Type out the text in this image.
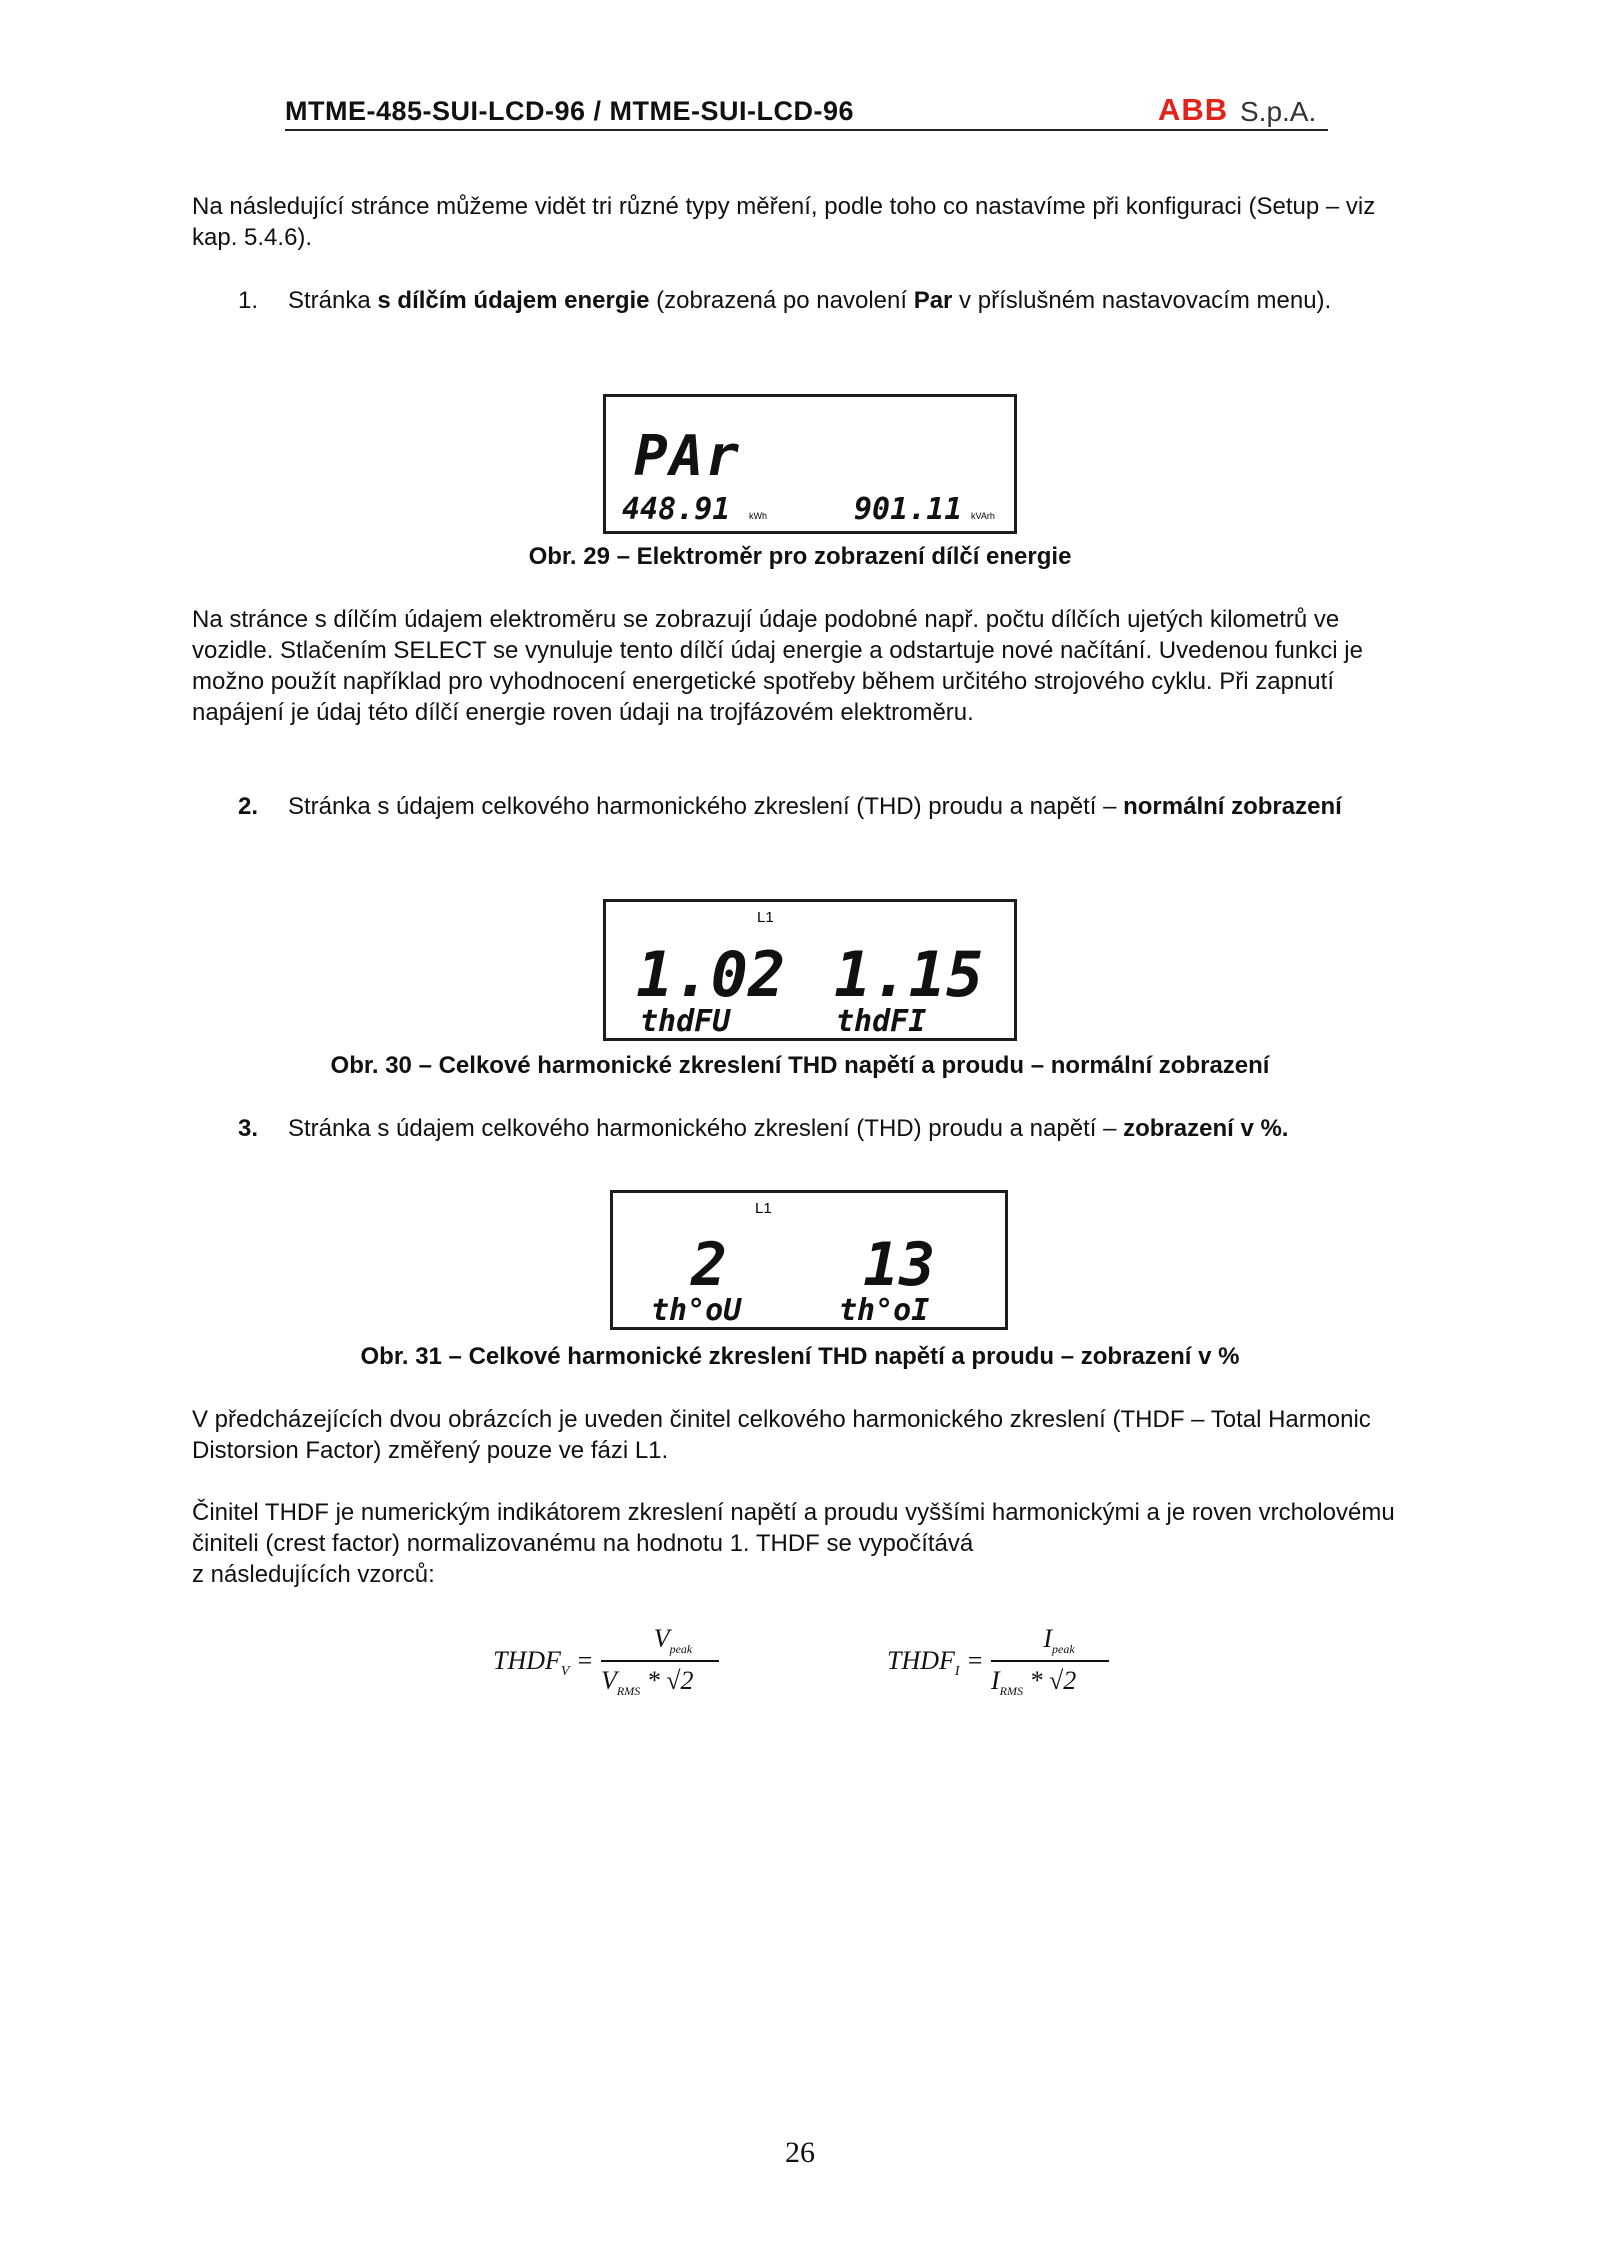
MTME-485-SUI-LCD-96 / MTME-SUI-LCD-96	ABB S.p.A.
Na následující stránce můžeme vidět tri různé typy měření, podle toho co nastavíme při konfiguraci (Setup – viz kap. 5.4.6).
1. Stránka s dílčím údajem energie (zobrazená po navolení Par v příslušném nastavovacím menu).
PAr
448.91 kWh	901.11 kVArh
Obr. 29 – Elektroměr pro zobrazení dílčí energie
Na stránce s dílčím údajem elektroměru se zobrazují údaje podobné např. počtu dílčích ujetých kilometrů ve vozidle. Stlačením SELECT se vynuluje tento dílčí údaj energie a odstartuje nové načítání. Uvedenou funkci je možno použít například pro vyhodnocení energetické spotřeby během určitého strojového cyklu. Při zapnutí napájení je údaj této dílčí energie roven údaji na trojfázovém elektroměru.
2. Stránka s údajem celkového harmonického zkreslení (THD) proudu a napětí – normální zobrazení
L1
1.02 1.15
thdFU	thdFI
Obr. 30 – Celkové harmonické zkreslení THD napětí a proudu – normální zobrazení
3. Stránka s údajem celkového harmonického zkreslení (THD) proudu a napětí – zobrazení v %.
L1
2 13
th°oU	th°oI
Obr. 31 – Celkové harmonické zkreslení THD napětí a proudu – zobrazení v %
V předcházejících dvou obrázcích je uveden činitel celkového harmonického zkreslení (THDF – Total Harmonic Distorsion Factor) změřený pouze ve fázi L1.
Činitel THDF je numerickým indikátorem zkreslení napětí a proudu vyššími harmonickými a je roven vrcholovému činiteli (crest factor) normalizovanému na hodnotu 1. THDF se vypočítává
z následujících vzorců:
$THDF_V$ =
$V_{peak}$
$V_{RMS} * √2$
$THDF_I$ =
$I_{peak}$
$I_{RMS} * √2$
26
